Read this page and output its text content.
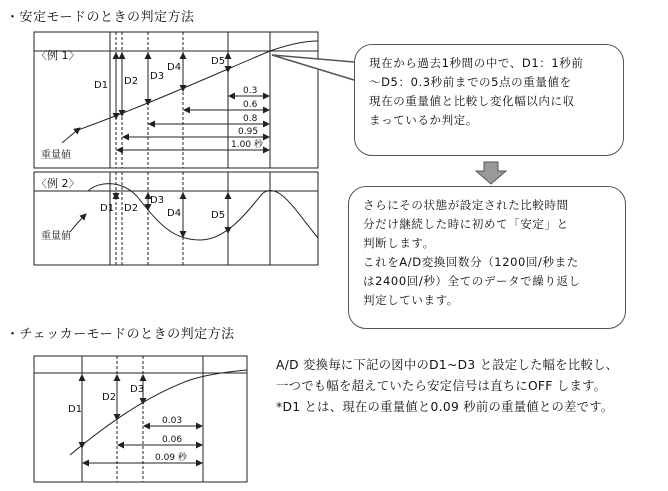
・安定モードのときの判定方法
・チェッカーモードのときの判定方法
〈例 1〉
D1 D2 D3
D4
D5
0.3
0.6
0.8
0.95
1.00 秒
重量値
〈例 2〉
D1 D2
D3
D4	D5
重量値
D1
D2
D3
0.03
0.06
0.09 秒
現在から過去1秒間の中で、D1：1秒前
～D5：0.3秒前までの5点の重量値を
現在の重量値と比較し変化幅以内に収
まっているか判定。
さらにその状態が設定された比較時間
分だけ継続した時に初めて「安定」と
判断します。
これをA/D変換回数分（1200回/秒また
は2400回/秒）全てのデータで繰り返し
判定しています。
A/D 変換毎に下記の図中のD1~D3 と設定した幅を比較し、
一つでも幅を超えていたら安定信号は直ちにOFF します。
*D1 とは、現在の重量値と0.09 秒前の重量値との差です。
